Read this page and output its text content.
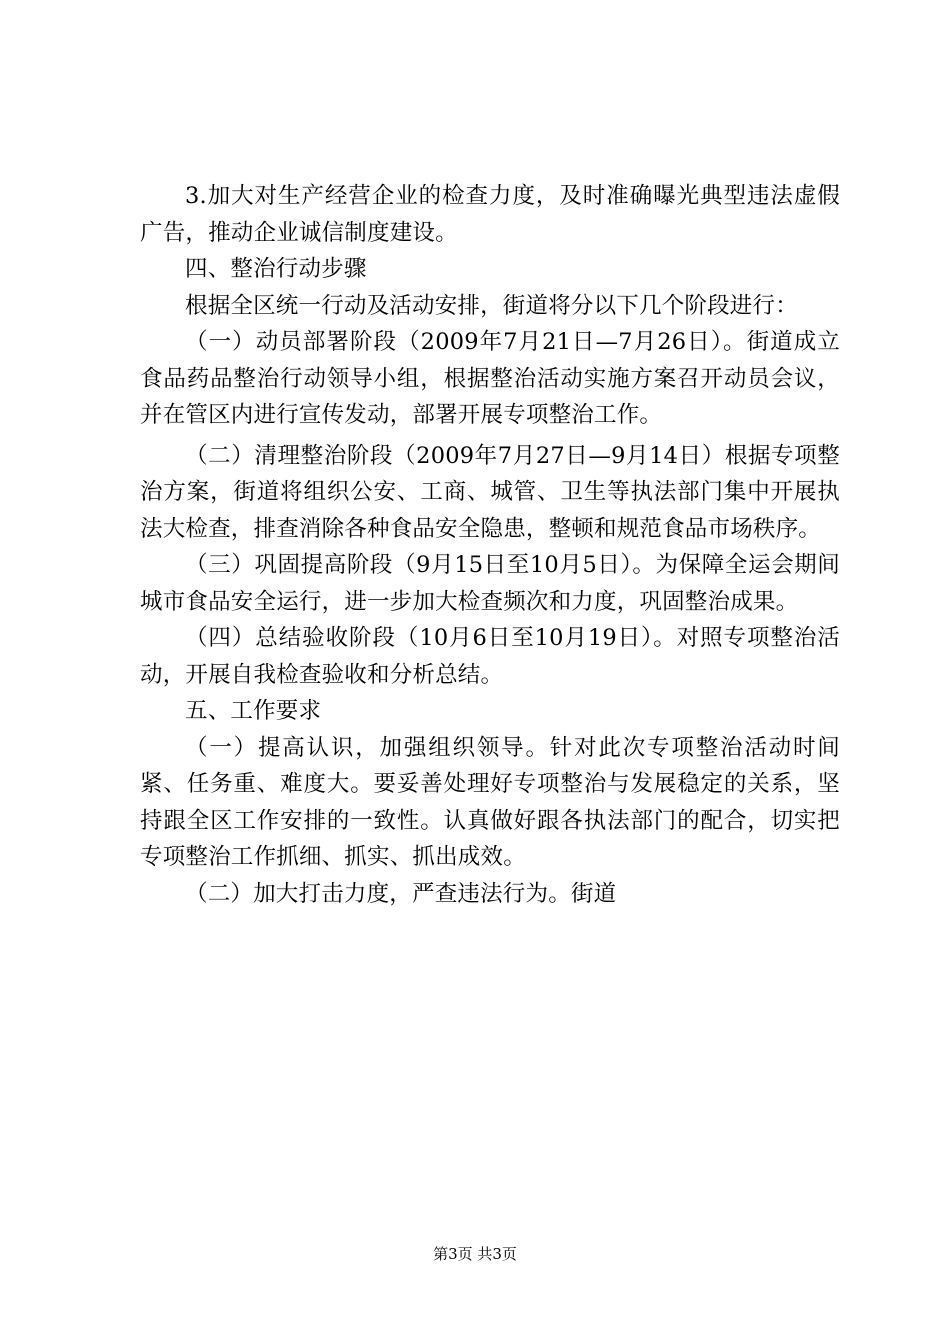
3.加大对生产经营企业的检查力度，及时准确曝光典型违法虚假广告，推动企业诚信制度建设。

四、整治行动步骤

根据全区统一行动及活动安排，街道将分以下几个阶段进行：

（一）动员部署阶段（2009年7月21日—7月26日）。街道成立食品药品整治行动领导小组，根据整治活动实施方案召开动员会议，并在管区内进行宣传发动，部署开展专项整治工作。

（二）清理整治阶段（2009年7月27日—9月14日）根据专项整治方案，街道将组织公安、工商、城管、卫生等执法部门集中开展执法大检查，排查消除各种食品安全隐患，整顿和规范食品市场秩序。

（三）巩固提高阶段（9月15日至10月5日）。为保障全运会期间城市食品安全运行，进一步加大检查频次和力度，巩固整治成果。

（四）总结验收阶段（10月6日至10月19日）。对照专项整治活动，开展自我检查验收和分析总结。

五、工作要求

（一）提高认识，加强组织领导。针对此次专项整治活动时间紧、任务重、难度大。要妥善处理好专项整治与发展稳定的关系，坚持跟全区工作安排的一致性。认真做好跟各执法部门的配合，切实把专项整治工作抓细、抓实、抓出成效。

（二）加大打击力度，严查违法行为。街道

第3页 共3页
